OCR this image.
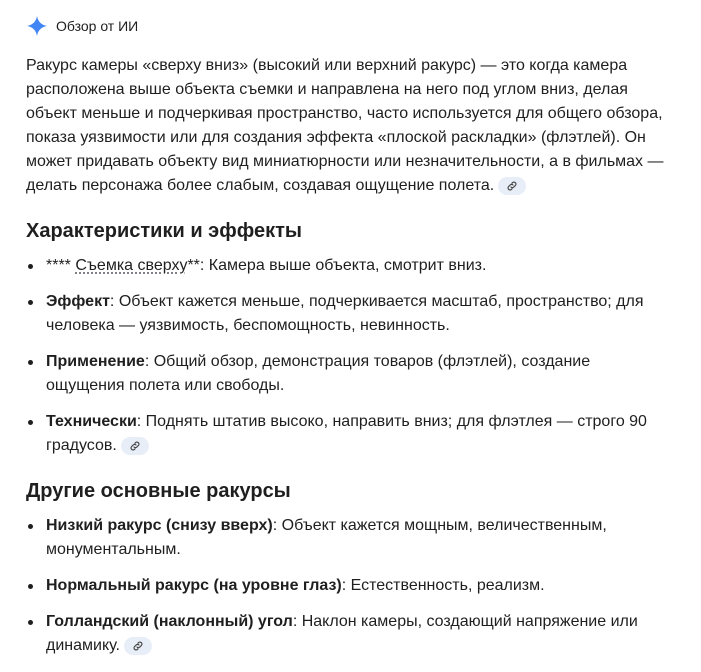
Обзор от ИИ
Ракурс камеры «сверху вниз» (высокий или верхний ракурс) — это когда камера расположена выше объекта съемки и направлена на него под углом вниз, делая объект меньше и подчеркивая пространство, часто используется для общего обзора, показа уязвимости или для создания эффекта «плоской раскладки» (флэтлей). Он может придавать объекту вид миниатюрности или незначительности, а в фильмах — делать персонажа более слабым, создавая ощущение полета.
Характеристики и эффекты
**** Съемка сверху**: Камера выше объекта, смотрит вниз.
Эффект: Объект кажется меньше, подчеркивается масштаб, пространство; для человека — уязвимость, беспомощность, невинность.
Применение: Общий обзор, демонстрация товаров (флэтлей), создание ощущения полета или свободы.
Технически: Поднять штатив высоко, направить вниз; для флэтлея — строго 90 градусов.
Другие основные ракурсы
Низкий ракурс (снизу вверх): Объект кажется мощным, величественным, монументальным.
Нормальный ракурс (на уровне глаз): Естественность, реализм.
Голландский (наклонный) угол: Наклон камеры, создающий напряжение или динамику.
